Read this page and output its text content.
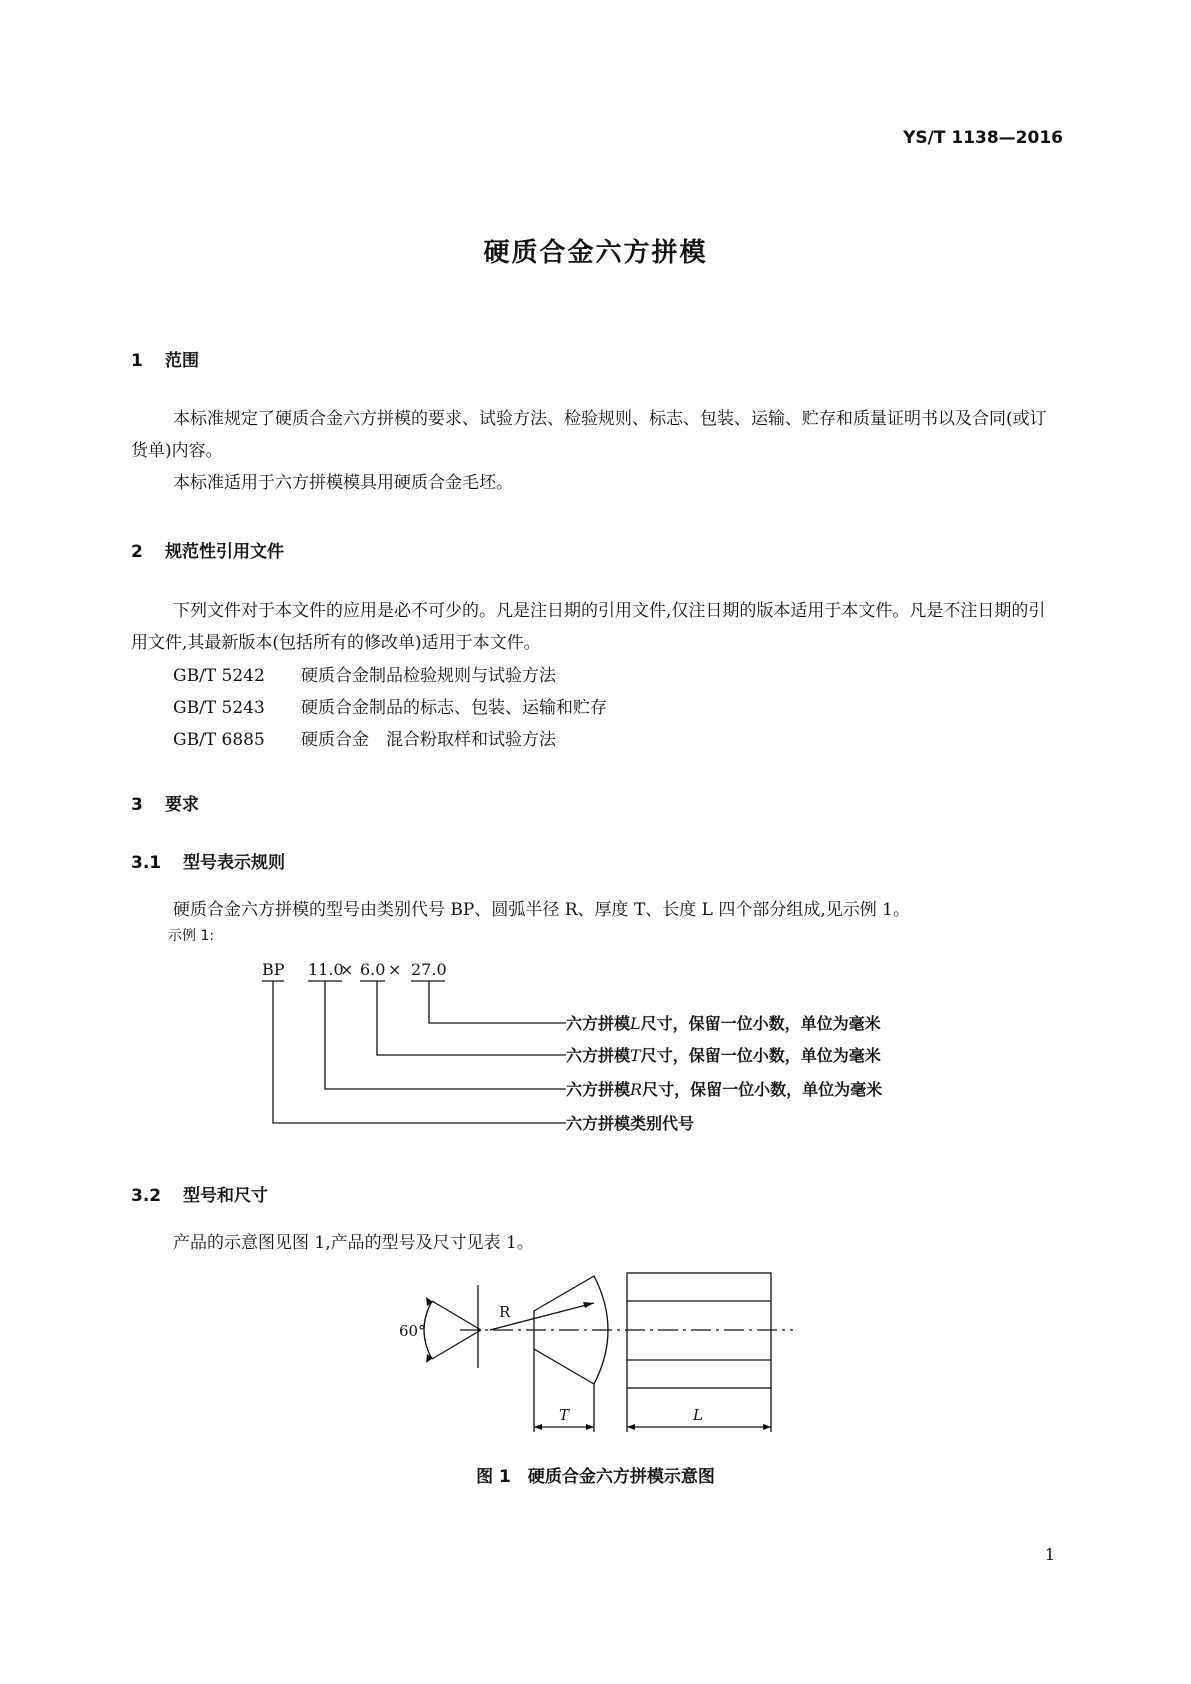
YS/T 1138—2016
硬质合金六方拼模
1 范围
本标准规定了硬质合金六方拼模的要求、试验方法、检验规则、标志、包装、运输、贮存和质量证明书以及合同(或订货单)内容。
本标准适用于六方拼模模具用硬质合金毛坯。
2 规范性引用文件
下列文件对于本文件的应用是必不可少的。凡是注日期的引用文件,仅注日期的版本适用于本文件。凡是不注日期的引用文件,其最新版本(包括所有的修改单)适用于本文件。
GB/T 5242 硬质合金制品检验规则与试验方法
GB/T 5243 硬质合金制品的标志、包装、运输和贮存
GB/T 6885 硬质合金　混合粉取样和试验方法
3 要求
3.1 型号表示规则
硬质合金六方拼模的型号由类别代号 BP、圆弧半径 R、厚度 T、长度 L 四个部分组成,见示例 1。
示例 1:
BP 11.0
× 6.0 × 27.0
六方拼模L尺寸，保留一位小数，单位为毫米
六方拼模T尺寸，保留一位小数，单位为毫米
六方拼模R尺寸，保留一位小数，单位为毫米
六方拼模类别代号
3.2 型号和尺寸
产品的示意图见图 1,产品的型号及尺寸见表 1。
60°
R
T	L
图 1　硬质合金六方拼模示意图
1
